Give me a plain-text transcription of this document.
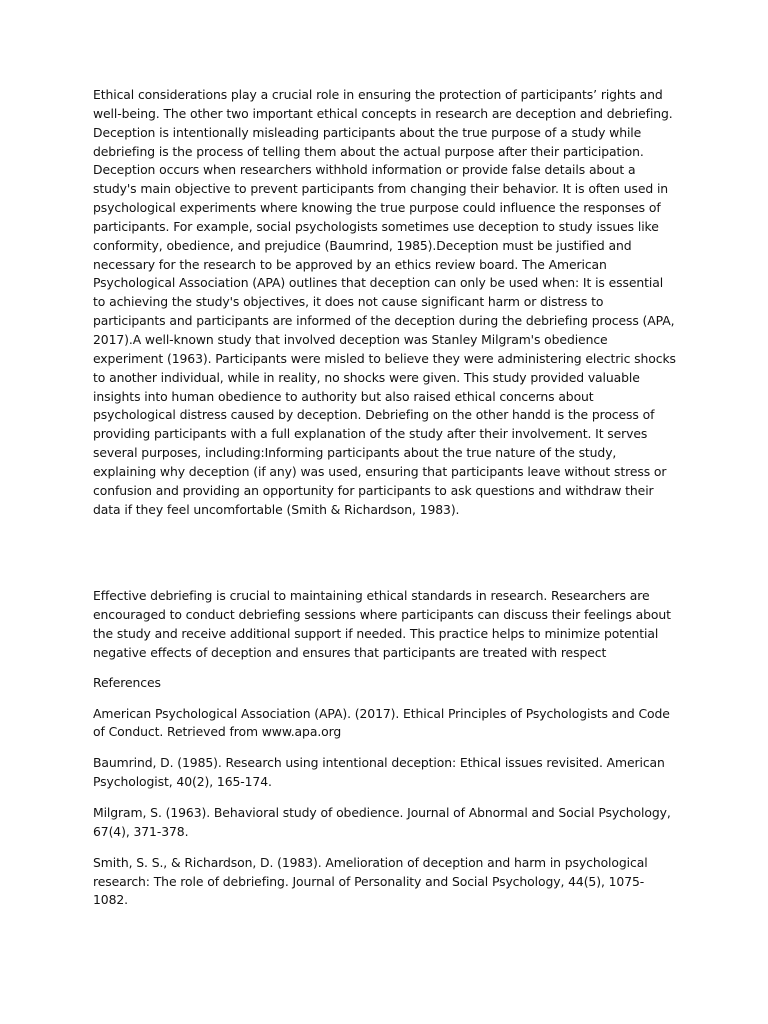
Ethical considerations play a crucial role in ensuring the protection of participants’ rights and well-being. The other two important ethical concepts in research are deception and debriefing. Deception is intentionally misleading participants about the true purpose of a study while debriefing is the process of telling them about the actual purpose after their participation. Deception occurs when researchers withhold information or provide false details about a study's main objective to prevent participants from changing their behavior. It is often used in psychological experiments where knowing the true purpose could influence the responses of participants. For example, social psychologists sometimes use deception to study issues like conformity, obedience, and prejudice (Baumrind, 1985).Deception must be justified and necessary for the research to be approved by an ethics review board. The American Psychological Association (APA) outlines that deception can only be used when: It is essential to achieving the study's objectives, it does not cause significant harm or distress to participants and participants are informed of the deception during the debriefing process (APA, 2017).A well-known study that involved deception was Stanley Milgram's obedience experiment (1963). Participants were misled to believe they were administering electric shocks to another individual, while in reality, no shocks were given. This study provided valuable insights into human obedience to authority but also raised ethical concerns about psychological distress caused by deception. Debriefing on the other handd is the process of providing participants with a full explanation of the study after their involvement. It serves several purposes, including:Informing participants about the true nature of the study, explaining why deception (if any) was used, ensuring that participants leave without stress or confusion and providing an opportunity for participants to ask questions and withdraw their data if they feel uncomfortable (Smith & Richardson, 1983).

Effective debriefing is crucial to maintaining ethical standards in research. Researchers are encouraged to conduct debriefing sessions where participants can discuss their feelings about the study and receive additional support if needed. This practice helps to minimize potential negative effects of deception and ensures that participants are treated with respect

References

American Psychological Association (APA). (2017). Ethical Principles of Psychologists and Code of Conduct. Retrieved from www.apa.org

Baumrind, D. (1985). Research using intentional deception: Ethical issues revisited. American Psychologist, 40(2), 165-174.

Milgram, S. (1963). Behavioral study of obedience. Journal of Abnormal and Social Psychology, 67(4), 371-378.

Smith, S. S., & Richardson, D. (1983). Amelioration of deception and harm in psychological research: The role of debriefing. Journal of Personality and Social Psychology, 44(5), 1075-1082.
